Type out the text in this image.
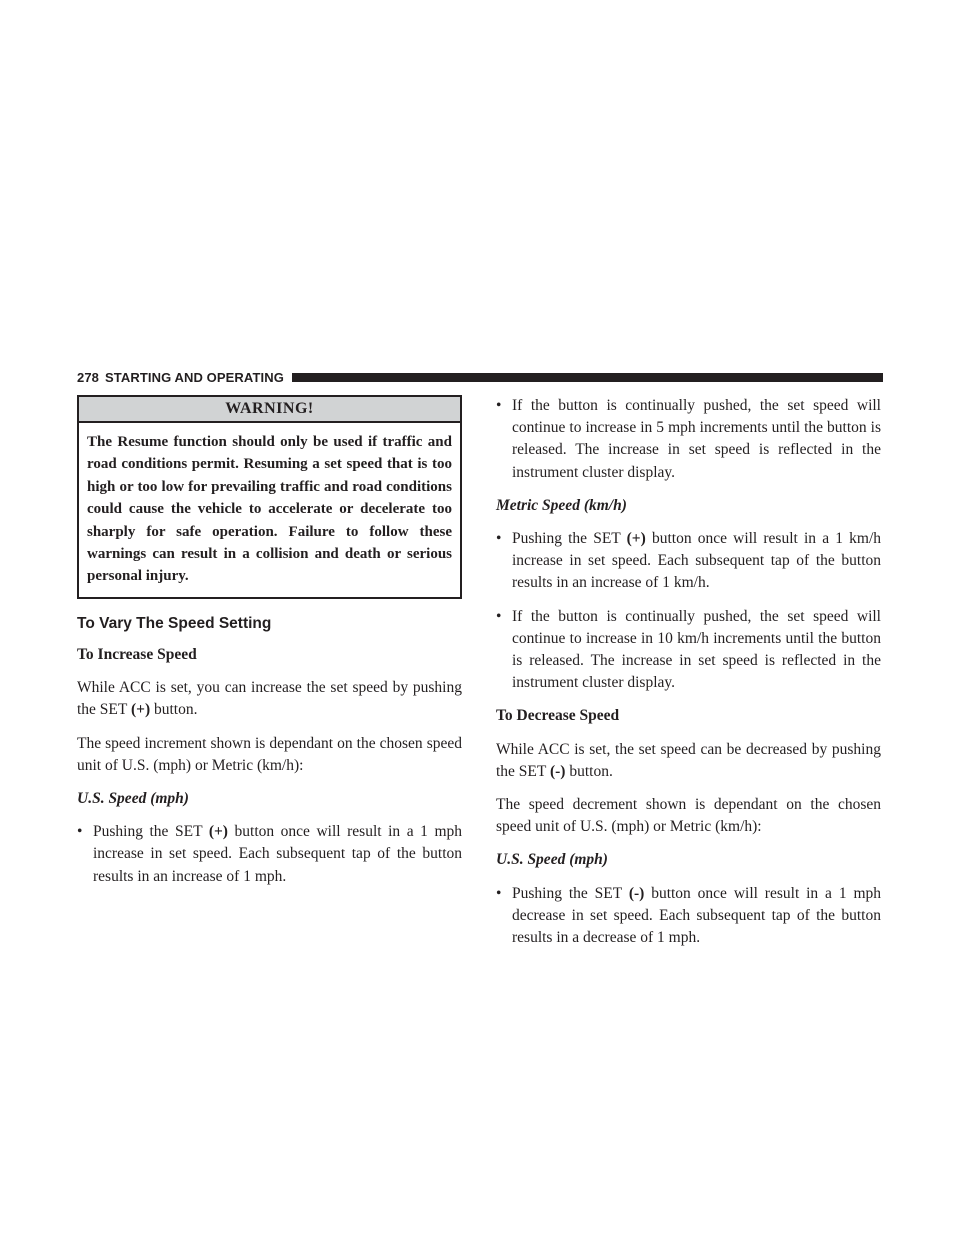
278 STARTING AND OPERATING
WARNING!
The Resume function should only be used if traffic and road conditions permit. Resuming a set speed that is too high or too low for prevailing traffic and road conditions could cause the vehicle to accelerate or decelerate too sharply for safe operation. Failure to follow these warnings can result in a collision and death or serious personal injury.
To Vary The Speed Setting

To Increase Speed

While ACC is set, you can increase the set speed by pushing the SET (+) button.

The speed increment shown is dependant on the chosen speed unit of U.S. (mph) or Metric (km/h):

U.S. Speed (mph)

• Pushing the SET (+) button once will result in a 1 mph increase in set speed. Each subsequent tap of the button results in an increase of 1 mph.
• If the button is continually pushed, the set speed will continue to increase in 5 mph increments until the button is released. The increase in set speed is reflected in the instrument cluster display.

Metric Speed (km/h)

• Pushing the SET (+) button once will result in a 1 km/h increase in set speed. Each subsequent tap of the button results in an increase of 1 km/h.
• If the button is continually pushed, the set speed will continue to increase in 10 km/h increments until the button is released. The increase in set speed is reflected in the instrument cluster display.

To Decrease Speed

While ACC is set, the set speed can be decreased by pushing the SET (-) button.

The speed decrement shown is dependant on the chosen speed unit of U.S. (mph) or Metric (km/h):

U.S. Speed (mph)

• Pushing the SET (-) button once will result in a 1 mph decrease in set speed. Each subsequent tap of the button results in a decrease of 1 mph.
